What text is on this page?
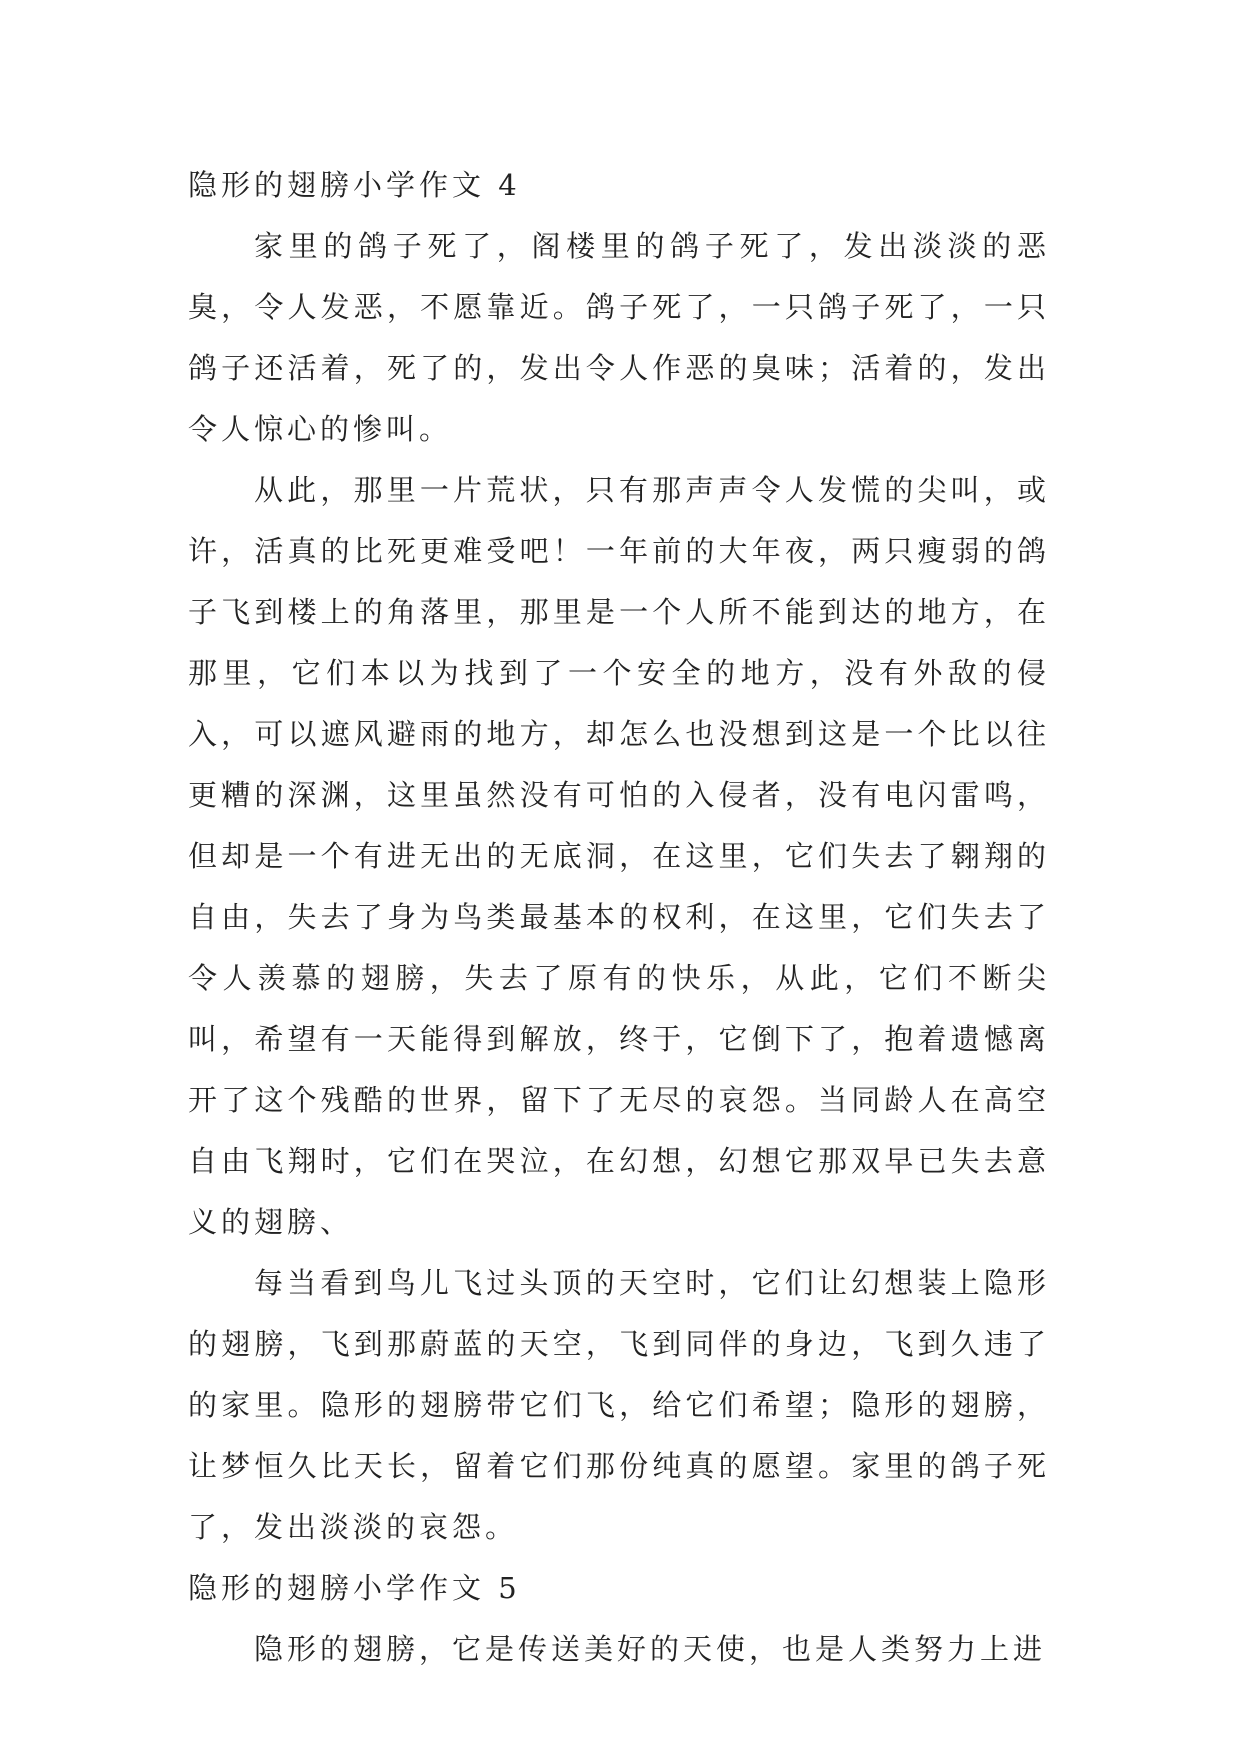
隐形的翅膀小学作文 4

家里的鸽子死了，阁楼里的鸽子死了，发出淡淡的恶臭，令人发恶，不愿靠近。鸽子死了，一只鸽子死了，一只鸽子还活着，死了的，发出令人作恶的臭味；活着的，发出令人惊心的惨叫。

从此，那里一片荒状，只有那声声令人发慌的尖叫，或许，活真的比死更难受吧！一年前的大年夜，两只瘦弱的鸽子飞到楼上的角落里，那里是一个人所不能到达的地方，在那里，它们本以为找到了一个安全的地方，没有外敌的侵入，可以遮风避雨的地方，却怎么也没想到这是一个比以往更糟的深渊，这里虽然没有可怕的入侵者，没有电闪雷鸣，但却是一个有进无出的无底洞，在这里，它们失去了翱翔的自由，失去了身为鸟类最基本的权利，在这里，它们失去了令人羡慕的翅膀，失去了原有的快乐，从此，它们不断尖叫，希望有一天能得到解放，终于，它倒下了，抱着遗憾离开了这个残酷的世界，留下了无尽的哀怨。当同龄人在高空自由飞翔时，它们在哭泣，在幻想，幻想它那双早已失去意义的翅膀、

每当看到鸟儿飞过头顶的天空时，它们让幻想装上隐形的翅膀，飞到那蔚蓝的天空，飞到同伴的身边，飞到久违了的家里。隐形的翅膀带它们飞，给它们希望；隐形的翅膀，让梦恒久比天长，留着它们那份纯真的愿望。家里的鸽子死了，发出淡淡的哀怨。

隐形的翅膀小学作文 5

隐形的翅膀，它是传送美好的天使，也是人类努力上进
